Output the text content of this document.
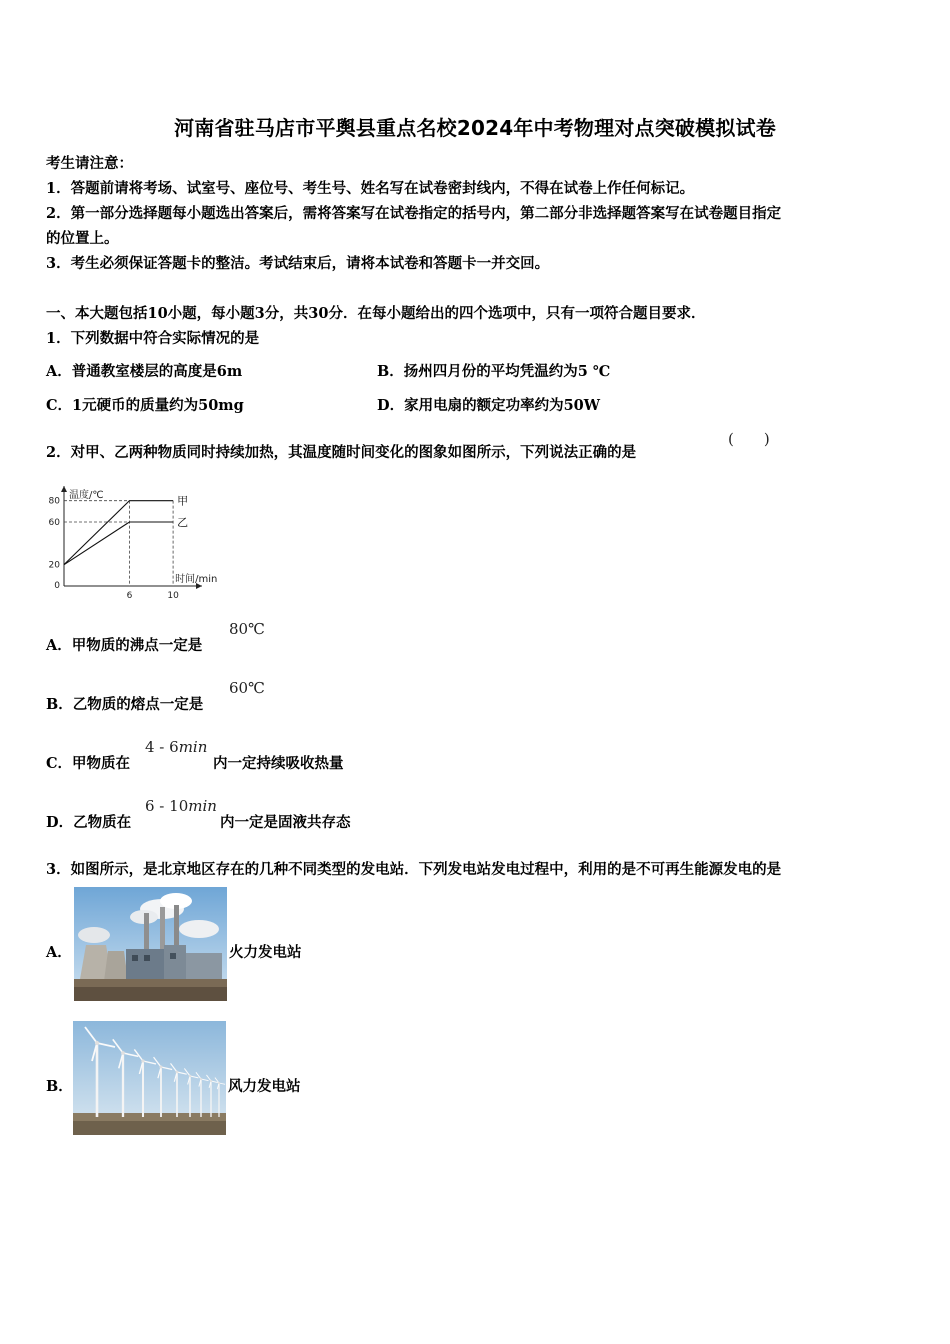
河南省驻马店市平舆县重点名校2024年中考物理对点突破模拟试卷
考生请注意：
1．答题前请将考场、试室号、座位号、考生号、姓名写在试卷密封线内，不得在试卷上作任何标记。
2．第一部分选择题每小题选出答案后，需将答案写在试卷指定的括号内，第二部分非选择题答案写在试卷题目指定
的位置上。
3．考生必须保证答题卡的整洁。考试结束后，请将本试卷和答题卡一并交回。
一、本大题包括10小题，每小题3分，共30分．在每小题给出的四个选项中，只有一项符合题目要求．
1．下列数据中符合实际情况的是
A．普通教室楼层的高度是6m	B．扬州四月份的平均凭温约为5 ℃
C．1元硬币的质量约为50mg	D．家用电扇的额定功率约为50W
2．对甲、乙两种物质同时持续加热，其温度随时间变化的图象如图所示，下列说法正确的是
(　　)
温度/℃
时间/min
0
20
60
80
6	10
甲
乙
A．甲物质的沸点一定是
80℃
B．乙物质的熔点一定是
60℃
C．甲物质在
4 - 6min
内一定持续吸收热量
D．乙物质在
6 - 10min
内一定是固液共存态
3．如图所示，是北京地区存在的几种不同类型的发电站．下列发电站发电过程中，利用的是不可再生能源发电的是
A．	火力发电站
B．	风力发电站
